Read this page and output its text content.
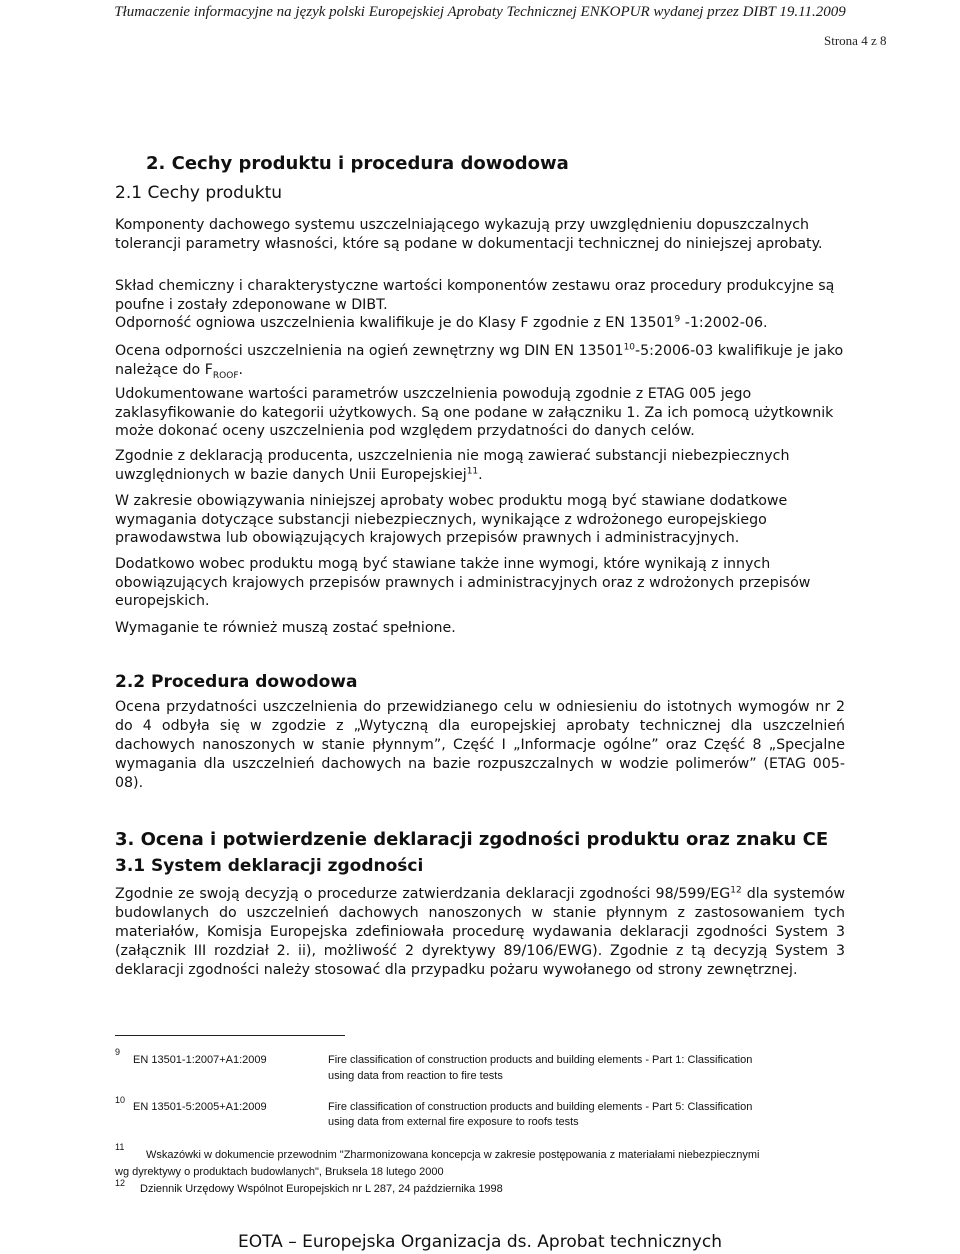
Tłumaczenie informacyjne na język polski Europejskiej Aprobaty Technicznej ENKOPUR wydanej przez DIBT 19.11.2009
Strona 4 z 8
2. Cechy produktu i procedura dowodowa
2.1 Cechy produktu
Komponenty dachowego systemu uszczelniającego wykazują przy uwzględnieniu dopuszczalnych tolerancji parametry własności, które są podane w dokumentacji technicznej do niniejszej aprobaty.
Skład chemiczny i charakterystyczne wartości komponentów zestawu oraz procedury produkcyjne są poufne i zostały zdeponowane w DIBT.
Odporność ogniowa uszczelnienia kwalifikuje je do Klasy F zgodnie z EN 13501$^9$ -1:2002-06.
Ocena odporności uszczelnienia na ogień zewnętrzny wg DIN EN 13501$^{10}$-5:2006-03 kwalifikuje je jako należące do $F_{ROOF}$.
Udokumentowane wartości parametrów uszczelnienia powodują zgodnie z ETAG 005 jego zaklasyfikowanie do kategorii użytkowych. Są one podane w załączniku 1. Za ich pomocą użytkownik może dokonać oceny uszczelnienia pod względem przydatności do danych celów.
Zgodnie z deklaracją producenta, uszczelnienia nie mogą zawierać substancji niebezpiecznych uwzględnionych w bazie danych Unii Europejskiej$^{11}$.
W zakresie obowiązywania niniejszej aprobaty wobec produktu mogą być stawiane dodatkowe wymagania dotyczące substancji niebezpiecznych, wynikające z wdrożonego europejskiego prawodawstwa lub obowiązujących krajowych przepisów prawnych i administracyjnych.
Dodatkowo wobec produktu mogą być stawiane także inne wymogi, które wynikają z innych obowiązujących krajowych przepisów prawnych i administracyjnych oraz z wdrożonych przepisów europejskich.
Wymaganie te również muszą zostać spełnione.
2.2 Procedura dowodowa
Ocena przydatności uszczelnienia do przewidzianego celu w odniesieniu do istotnych wymogów nr 2 do 4 odbyła się w zgodzie z „Wytyczną dla europejskiej aprobaty technicznej dla uszczelnień dachowych nanoszonych w stanie płynnym”, Część I „Informacje ogólne” oraz Część 8 „Specjalne wymagania dla uszczelnień dachowych na bazie rozpuszczalnych w wodzie polimerów” (ETAG 005-08).
3. Ocena i potwierdzenie deklaracji zgodności produktu oraz znaku CE
3.1 System deklaracji zgodności
Zgodnie ze swoją decyzją o procedurze zatwierdzania deklaracji zgodności 98/599/EG$^{12}$ dla systemów budowlanych do uszczelnień dachowych nanoszonych w stanie płynnym z zastosowaniem tych materiałów, Komisja Europejska zdefiniowała procedurę wydawania deklaracji zgodności System 3 (załącznik III rozdział 2. ii), możliwość 2 dyrektywy 89/106/EWG). Zgodnie z tą decyzją System 3 deklaracji zgodności należy stosować dla przypadku pożaru wywołanego od strony zewnętrznej.
9
EN 13501-1:2007+A1:2009	Fire classification of construction products and building elements - Part 1: Classification
using data from reaction to fire tests
10
EN 13501-5:2005+A1:2009	Fire classification of construction products and building elements - Part 5: Classification
using data from external fire exposure to roofs tests
11
Wskazówki w dokumencie przewodnim "Zharmonizowana koncepcja w zakresie postępowania z materiałami niebezpiecznymi
wg dyrektywy o produktach budowlanych", Bruksela 18 lutego 2000
12 Dziennik Urzędowy Wspólnot Europejskich nr L 287, 24 października 1998
EOTA – Europejska Organizacja ds. Aprobat technicznych
